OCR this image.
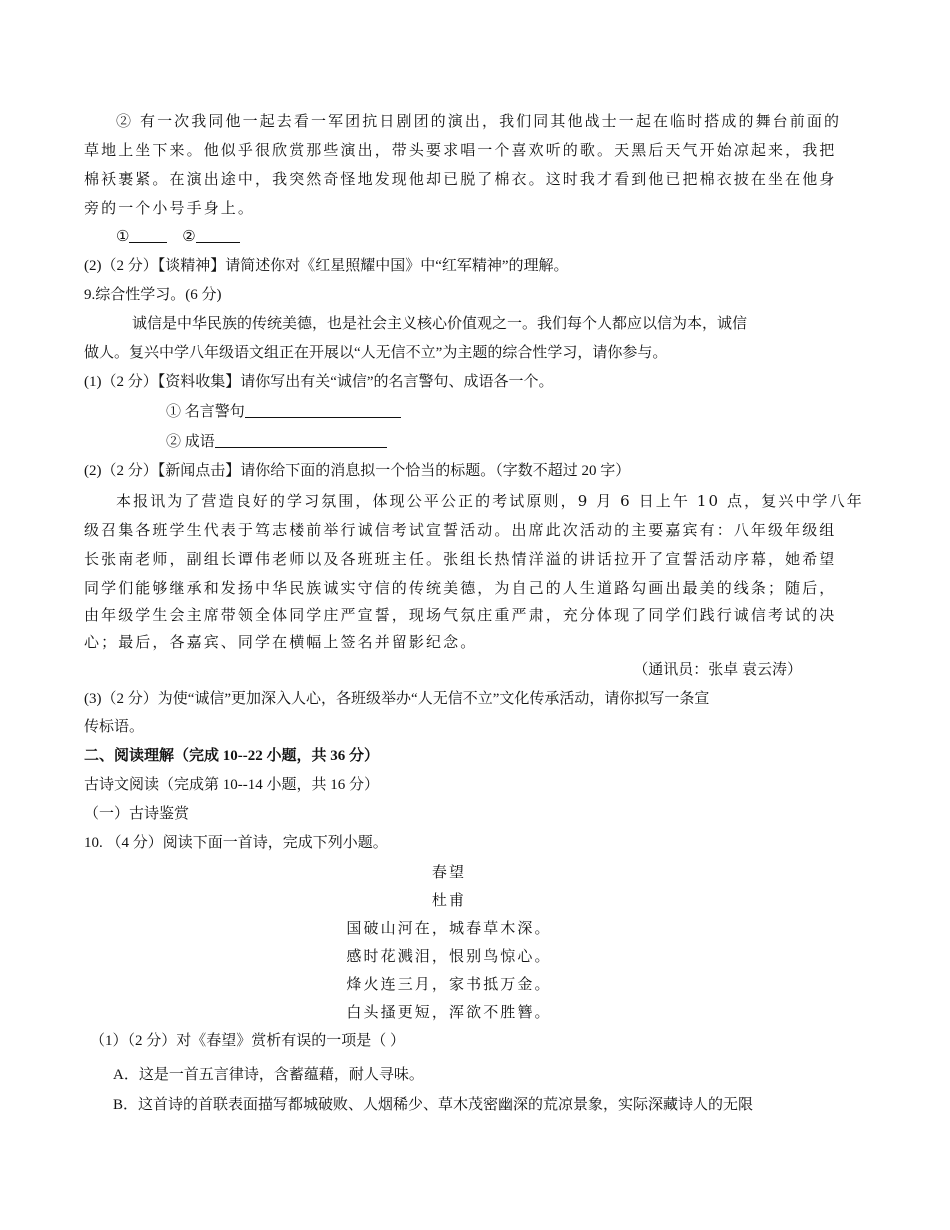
② 有一次我同他一起去看一军团抗日剧团的演出，我们同其他战士一起在临时搭成的舞台前面的
草地上坐下来。他似乎很欣赏那些演出，带头要求唱一个喜欢听的歌。天黑后天气开始凉起来，我把
棉袄裹紧。在演出途中，我突然奇怪地发现他却已脱了棉衣。这时我才看到他已把棉衣披在坐在他身
旁的一个小号手身上。
①	②
(2)（2 分）【谈精神】请简述你对《红星照耀中国》中“红军精神”的理解。
9.综合性学习。(6 分)
诚信是中华民族的传统美德，也是社会主义核心价值观之一。我们每个人都应以信为本，诚信
做人。复兴中学八年级语文组正在开展以“人无信不立”为主题的综合性学习，请你参与。
(1)（2 分）【资料收集】请你写出有关“诚信”的名言警句、成语各一个。
① 名言警句
② 成语
(2)（2 分）【新闻点击】请你给下面的消息拟一个恰当的标题。（字数不超过 20 字）
本报讯为了营造良好的学习氛围，体现公平公正的考试原则，9 月 6 日上午 10 点，复兴中学八年
级召集各班学生代表于笃志楼前举行诚信考试宣誓活动。出席此次活动的主要嘉宾有：八年级年级组
长张南老师，副组长谭伟老师以及各班班主任。张组长热情洋溢的讲话拉开了宣誓活动序幕，她希望
同学们能够继承和发扬中华民族诚实守信的传统美德，为自己的人生道路勾画出最美的线条；随后，
由年级学生会主席带领全体同学庄严宣誓，现场气氛庄重严肃，充分体现了同学们践行诚信考试的决
心；最后，各嘉宾、同学在横幅上签名并留影纪念。
（通讯员：张卓 袁云涛）
(3)（2 分）为使“诚信”更加深入人心，各班级举办“人无信不立”文化传承活动，请你拟写一条宣
传标语。
二、阅读理解（完成 10--22 小题，共 36 分）
古诗文阅读（完成第 10--14 小题，共 16 分）
（一）古诗鉴赏
10. （4 分）阅读下面一首诗，完成下列小题。
春望
杜甫
国破山河在，城春草木深。
感时花溅泪，恨别鸟惊心。
烽火连三月，家书抵万金。
白头搔更短，浑欲不胜簪。
（1）（2 分）对《春望》赏析有误的一项是（ ）
A．这是一首五言律诗，含蓄蕴藉，耐人寻味。
B．这首诗的首联表面描写都城破败、人烟稀少、草木茂密幽深的荒凉景象，实际深藏诗人的无限
